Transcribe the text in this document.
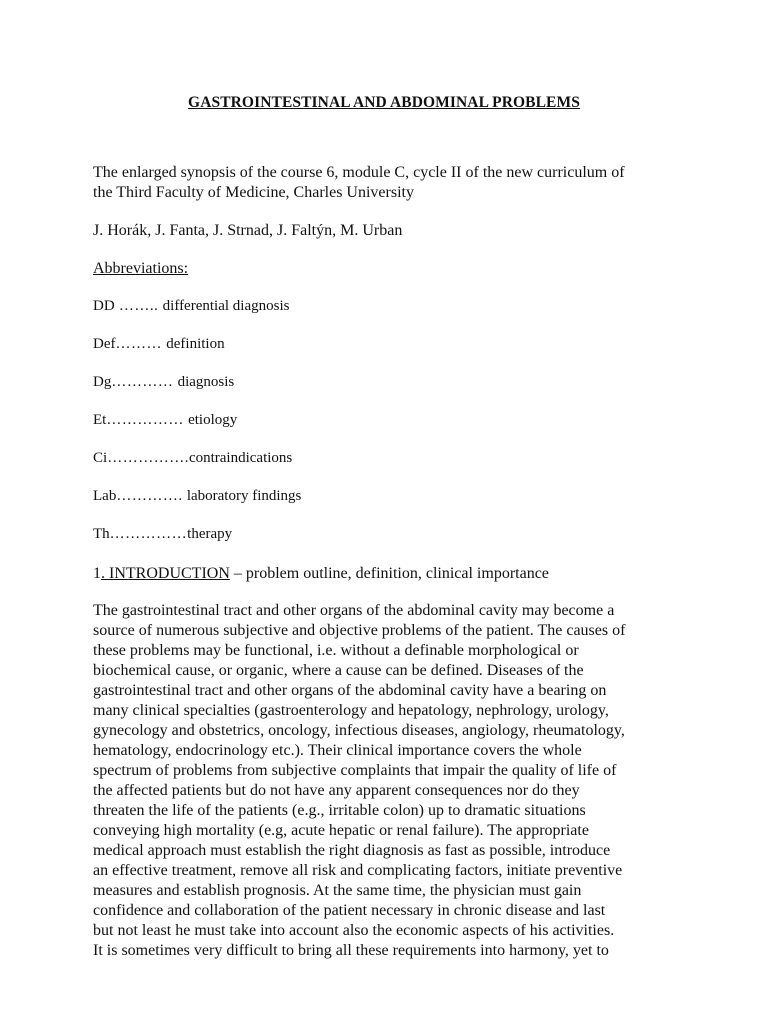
GASTROINTESTINAL AND ABDOMINAL PROBLEMS
The enlarged synopsis of the course 6, module C, cycle II of the new curriculum of
the Third Faculty of Medicine, Charles University
J. Horák, J. Fanta, J. Strnad, J. Faltýn, M. Urban
Abbreviations:
DD …….. differential diagnosis
Def……… definition
Dg………… diagnosis
Et…………… etiology
Ci…………….contraindications
Lab…………. laboratory findings
Th……………therapy
1. INTRODUCTION – problem outline, definition, clinical importance
The gastrointestinal tract and other organs of the abdominal cavity may become a
source of numerous subjective and objective problems of the patient. The causes of
these problems may be functional, i.e. without a definable morphological or
biochemical cause, or organic, where a cause can be defined. Diseases of the
gastrointestinal tract and other organs of the abdominal cavity have a bearing on
many clinical specialties (gastroenterology and hepatology, nephrology, urology,
gynecology and obstetrics, oncology, infectious diseases, angiology, rheumatology,
hematology, endocrinology etc.). Their clinical importance covers the whole
spectrum of problems from subjective complaints that impair the quality of life of
the affected patients but do not have any apparent consequences nor do they
threaten the life of the patients (e.g., irritable colon) up to dramatic situations
conveying high mortality (e.g, acute hepatic or renal failure). The appropriate
medical approach must establish the right diagnosis as fast as possible, introduce
an effective treatment, remove all risk and complicating factors, initiate preventive
measures and establish prognosis. At the same time, the physician must gain
confidence and collaboration of the patient necessary in chronic disease and last
but not least he must take into account also the economic aspects of his activities.
It is sometimes very difficult to bring all these requirements into harmony, yet to
